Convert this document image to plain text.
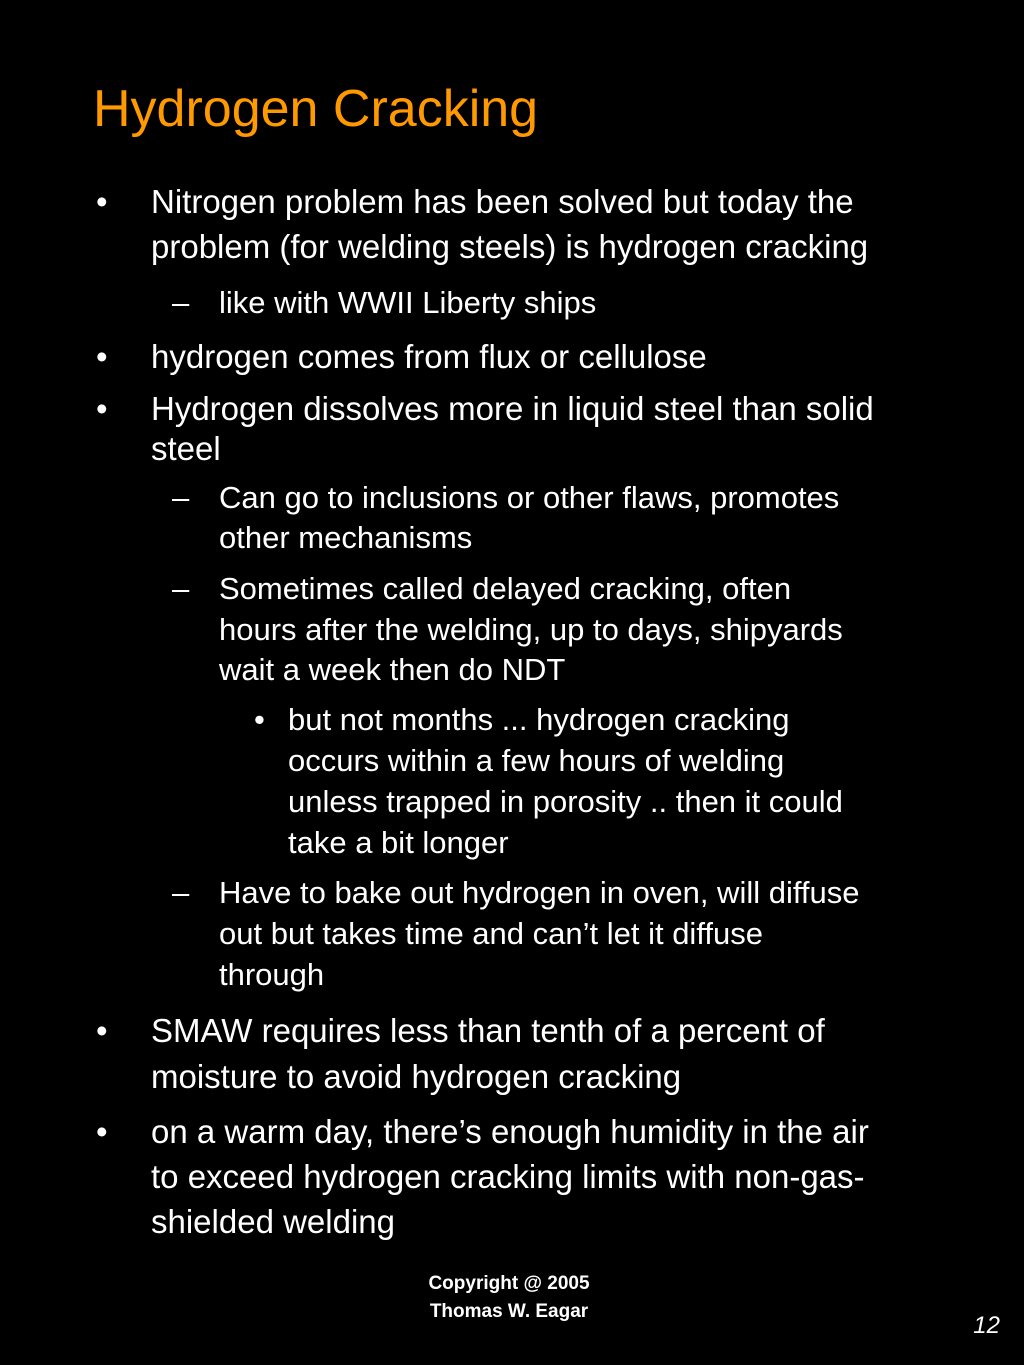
Hydrogen Cracking
• Nitrogen problem has been solved but today the
problem (for welding steels) is hydrogen cracking
– like with WWII Liberty ships
• hydrogen comes from flux or cellulose
• Hydrogen dissolves more in liquid steel than solid
steel
– Can go to inclusions or other flaws, promotes
other mechanisms
– Sometimes called delayed cracking, often
hours after the welding, up to days, shipyards
wait a week then do NDT
• but not months ... hydrogen cracking
occurs within a few hours of welding
unless trapped in porosity .. then it could
take a bit longer
– Have to bake out hydrogen in oven, will diffuse
out but takes time and can’t let it diffuse
through
• SMAW requires less than tenth of a percent of
moisture to avoid hydrogen cracking
• on a warm day, there’s enough humidity in the air
to exceed hydrogen cracking limits with non-gas-
shielded welding
Copyright @ 2005
Thomas W. Eagar
12
